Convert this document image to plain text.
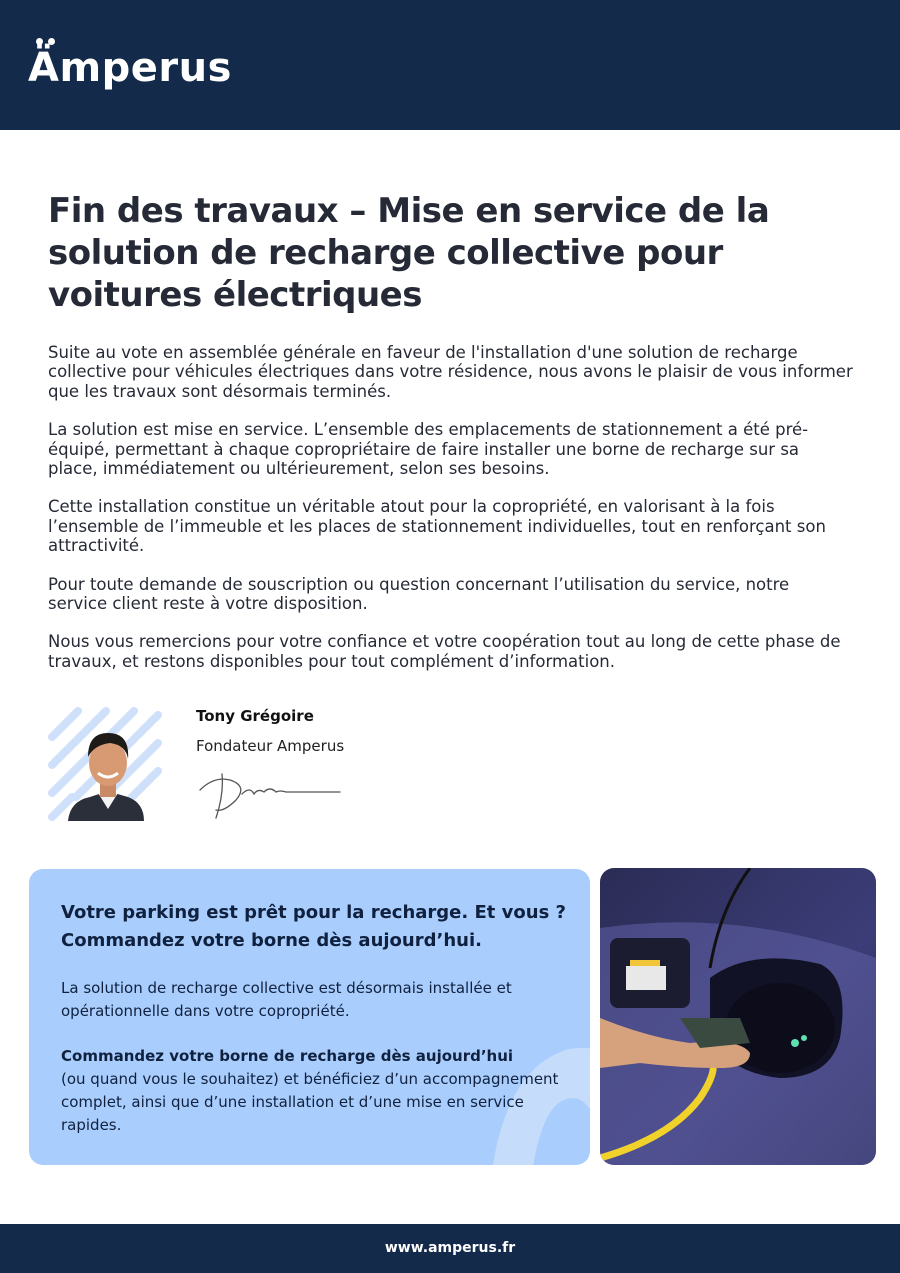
Ämperus
Fin des travaux – Mise en service de la solution de recharge collective pour voitures électriques

Suite au vote en assemblée générale en faveur de l'installation d'une solution de recharge collective pour véhicules électriques dans votre résidence, nous avons le plaisir de vous informer que les travaux sont désormais terminés.

La solution est mise en service. L’ensemble des emplacements de stationnement a été pré-équipé, permettant à chaque copropriétaire de faire installer une borne de recharge sur sa place, immédiatement ou ultérieurement, selon ses besoins.

Cette installation constitue un véritable atout pour la copropriété, en valorisant à la fois l’ensemble de l’immeuble et les places de stationnement individuelles, tout en renforçant son attractivité.

Pour toute demande de souscription ou question concernant l’utilisation du service, notre service client reste à votre disposition.

Nous vous remercions pour votre confiance et votre coopération tout au long de cette phase de travaux, et restons disponibles pour tout complément d’information.

Tony Grégoire
Fondateur Amperus
Votre parking est prêt pour la recharge. Et vous ? Commandez votre borne dès aujourd’hui.
La solution de recharge collective est désormais installée et opérationnelle dans votre copropriété.
Commandez votre borne de recharge dès aujourd’hui
(ou quand vous le souhaitez) et bénéficiez d’un accompagnement complet, ainsi que d’une installation et d’une mise en service rapides.
www.amperus.fr
